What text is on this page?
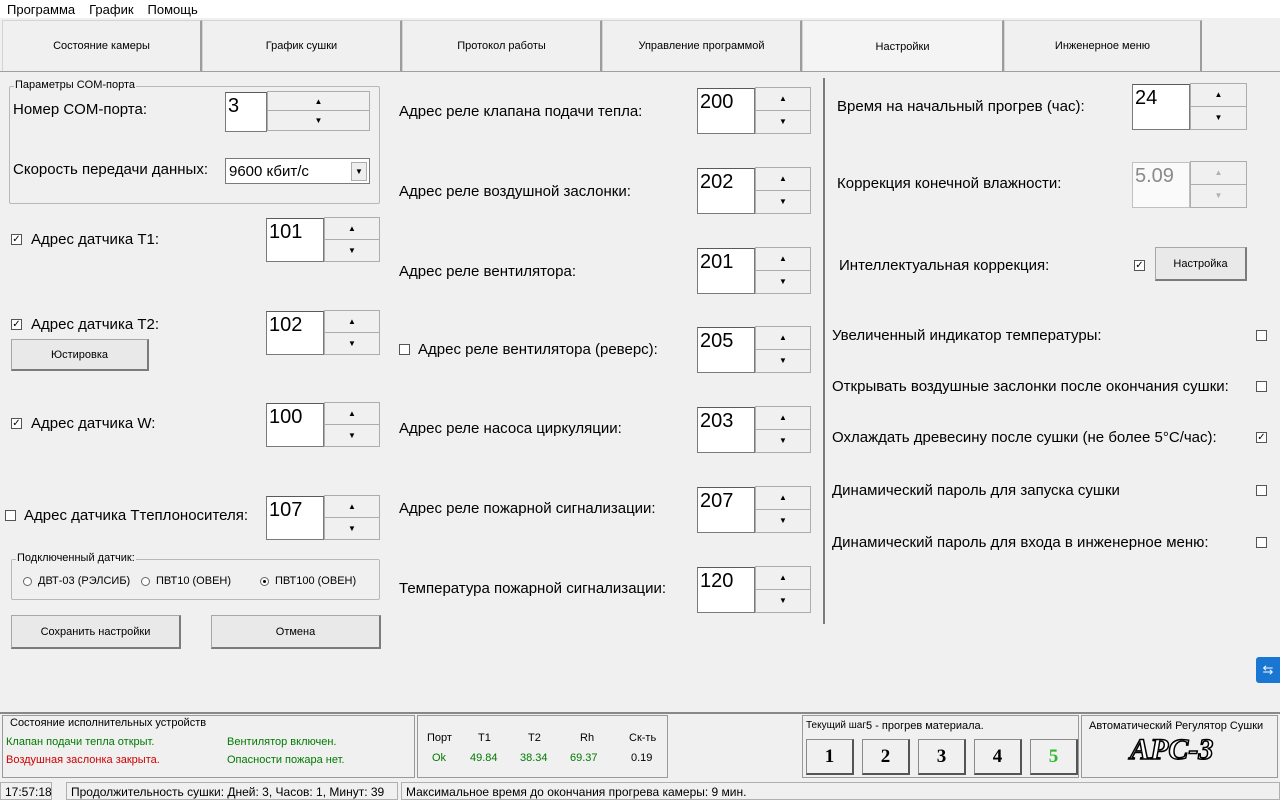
Программа	График	Помощь
Состояние камеры	График сушки	Протокол работы	Управление программой	Настройки	Инженерное меню
Параметры COM-порта
Номер COM-порта:	3	▲
▼
Скорость передачи данных: 9600 кбит/с	▼
✓ Адрес датчика T1:	101	▲
▼
✓ Адрес датчика T2:	102	▲
▼
Юстировка
✓ Адрес датчика W:	100	▲
▼
Адрес датчика Ттеплоносителя: 107	▲
▼
Подключенный датчик:
ДВТ-03 (РЭЛСИБ) ПВТ10 (ОВЕН)	ПВТ100 (ОВЕН)
Сохранить настройки	Отмена
Адрес реле клапана подачи тепла:	200	▲
▼
Адрес реле воздушной заслонки:	202	▲
▼
Адрес реле вентилятора:	201	▲
▼
Адрес реле вентилятора (реверс): 205	▲
▼
Адрес реле насоса циркуляции:	203	▲
▼
Адрес реле пожарной сигнализации: 207	▲
▼
Температура пожарной сигнализации: 120	▲
▼
Время на начальный прогрев (час):	24	▲
▼
Коррекция конечной влажности:	5.09	▲
▼
Интеллектуальная коррекция:	✓	Настройка
Увеличенный индикатор температуры:
Открывать воздушные заслонки после окончания сушки:
Охлаждать древесину после сушки (не более 5°C/час):	✓
Динамический пароль для запуска сушки
Динамический пароль для входа в инженерное меню:
⇆
Состояние исполнительных устройств
Клапан подачи тепла открыт.
Воздушная заслонка закрыта.
Вентилятор включен.
Опасности пожара нет.
Порт T1	T2	Rh	Ск-ть
Ok 49.84 38.34 69.37	0.19
Текущий шаг:
5 - прогрев материала.
1	2	3	4	5
Автоматический Регулятор Сушки
АРС-3
17:57:18	Продолжительность сушки: Дней: 3, Часов: 1, Минут: 39	Максимальное время до окончания прогрева камеры: 9 мин.
